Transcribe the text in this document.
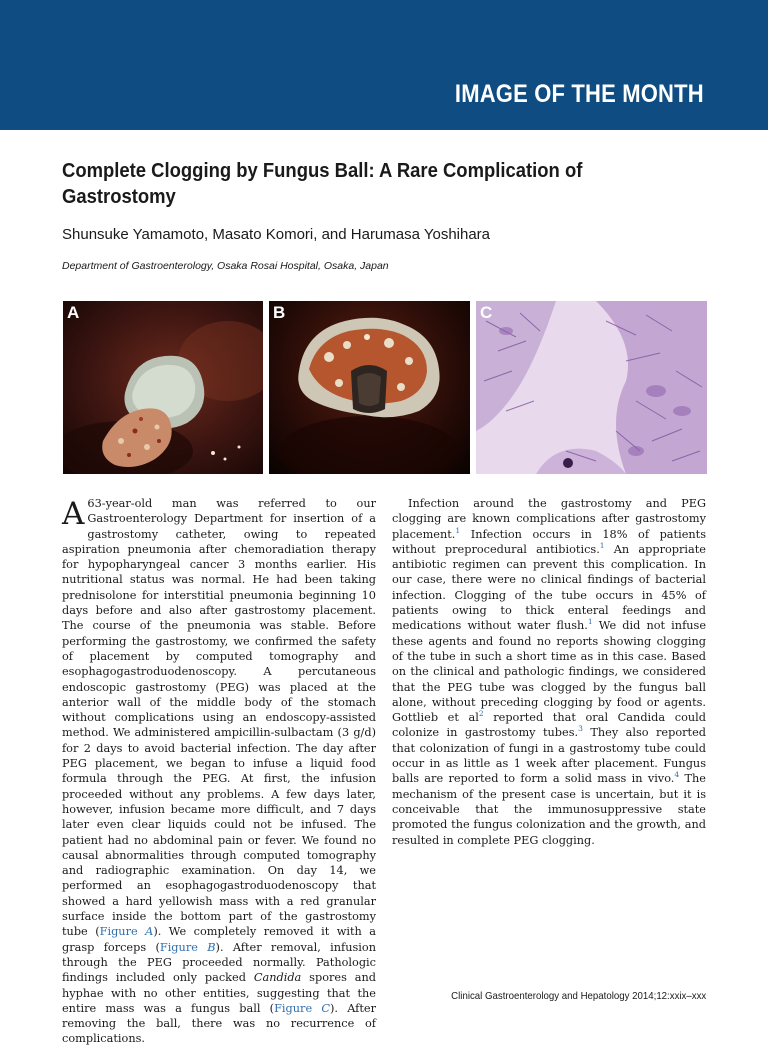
IMAGE OF THE MONTH
Complete Clogging by Fungus Ball: A Rare Complication of Gastrostomy
Shunsuke Yamamoto, Masato Komori, and Harumasa Yoshihara
Department of Gastroenterology, Osaka Rosai Hospital, Osaka, Japan
A	B	C

A 63-year-old man was referred to our Gastroenterology Department for insertion of a gastrostomy catheter, owing to repeated aspiration pneumonia after chemoradiation therapy for hypopharyngeal cancer 3 months earlier. His nutritional status was normal. He had been taking prednisolone for interstitial pneumonia beginning 10 days before and also after gastrostomy placement. The course of the pneumonia was stable. Before performing the gastrostomy, we confirmed the safety of placement by computed tomography and esophagogastroduodenoscopy. A percutaneous endoscopic gastrostomy (PEG) was placed at the anterior wall of the middle body of the stomach without complications using an endoscopy-assisted method. We administered ampicillin-sulbactam (3 g/d) for 2 days to avoid bacterial infection. The day after PEG placement, we began to infuse a liquid food formula through the PEG. At first, the infusion proceeded without any problems. A few days later, however, infusion became more difficult, and 7 days later even clear liquids could not be infused. The patient had no abdominal pain or fever. We found no causal abnormalities through computed tomography and radiographic examination. On day 14, we performed an esophagogastroduodenoscopy that showed a hard yellowish mass with a red granular surface inside the bottom part of the gastrostomy tube (Figure A). We completely removed it with a grasp forceps (Figure B). After removal, infusion through the PEG proceeded normally. Pathologic findings included only packed Candida spores and hyphae with no other entities, suggesting that the entire mass was a fungus ball (Figure C). After removing the ball, there was no recurrence of complications.

Infection around the gastrostomy and PEG clogging are known complications after gastrostomy placement.$^1$ Infection occurs in 18% of patients without preprocedural antibiotics.$^1$ An appropriate antibiotic regimen can prevent this complication. In our case, there were no clinical findings of bacterial infection. Clogging of the tube occurs in 45% of patients owing to thick enteral feedings and medications without water flush.$^1$ We did not infuse these agents and found no reports showing clogging of the tube in such a short time as in this case. Based on the clinical and pathologic findings, we considered that the PEG tube was clogged by the fungus ball alone, without preceding clogging by food or agents. Gottlieb et al$^2$ reported that oral Candida could colonize in gastrostomy tubes.$^3$ They also reported that colonization of fungi in a gastrostomy tube could occur in as little as 1 week after placement. Fungus balls are reported to form a solid mass in vivo.$^4$ The mechanism of the present case is uncertain, but it is conceivable that the immunosuppressive state promoted the fungus colonization and the growth, and resulted in complete PEG clogging.

Clinical Gastroenterology and Hepatology 2014;12:xxix–xxx
